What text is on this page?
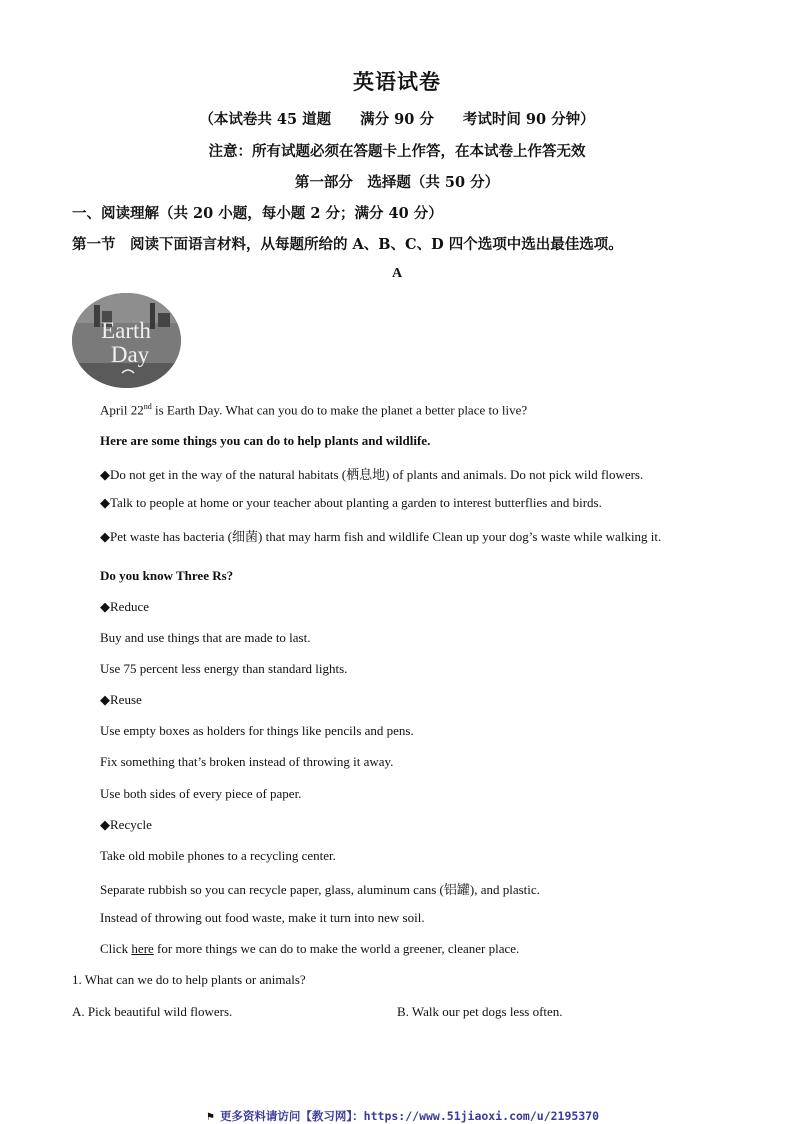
英语试卷
（本试卷共 45 道题　　满分 90 分　　考试时间 90 分钟）
注意：所有试题必须在答题卡上作答，在本试卷上作答无效
第一部分　选择题（共 50 分）
一、阅读理解（共 20 小题，每小题 2 分；满分 40 分）
第一节　阅读下面语言材料，从每题所给的 A、B、C、D 四个选项中选出最佳选项。
A
Earth
Day
April 22nd is Earth Day. What can you do to make the planet a better place to live?
Here are some things you can do to help plants and wildlife.
◆Do not get in the way of the natural habitats (栖息地) of plants and animals. Do not pick wild flowers.
◆Talk to people at home or your teacher about planting a garden to interest butterflies and birds.
◆Pet waste has bacteria (细菌) that may harm fish and wildlife Clean up your dog’s waste while walking it.
Do you know Three Rs?
◆Reduce
Buy and use things that are made to last.
Use 75 percent less energy than standard lights.
◆Reuse
Use empty boxes as holders for things like pencils and pens.
Fix something that’s broken instead of throwing it away.
Use both sides of every piece of paper.
◆Recycle
Take old mobile phones to a recycling center.
Separate rubbish so you can recycle paper, glass, aluminum cans (铝罐), and plastic.
Instead of throwing out food waste, make it turn into new soil.
Click here for more things we can do to make the world a greener, cleaner place.
1. What can we do to help plants or animals?
A. Pick beautiful wild flowers.	B. Walk our pet dogs less often.
⚑ 更多资料请访问【教习网】：https://www.51jiaoxi.com/u/2195370
